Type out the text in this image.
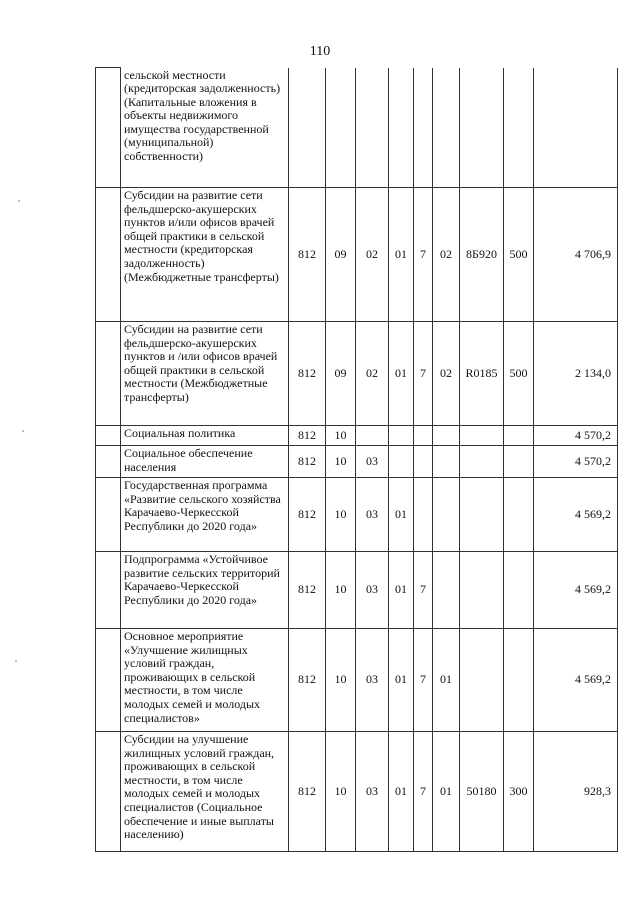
110
	сельской местности (кредиторская задолженность) (Капитальные вложения в объекты недвижимого имущества государственной (муниципальной) собственности)									
	Субсидии на развитие сети фельдшерско-акушерских пунктов и/или офисов врачей общей практики в сельской местности (кредиторская задолженность) (Межбюджетные трансферты)	812	09	02	01	7	02	8Б920	500	4 706,9
	Субсидии на развитие сети фельдшерско-акушерских пунктов и /или офисов врачей общей практики в сельской местности (Межбюджетные трансферты)	812	09	02	01	7	02	R0185	500	2 134,0
	Социальная политика	812	10							4 570,2
	Социальное обеспечение населения	812	10	03						4 570,2
	Государственная программа «Развитие сельского хозяйства Карачаево-Черкесской Республики до 2020 года»	812	10	03	01					4 569,2
	Подпрограмма «Устойчивое развитие сельских территорий Карачаево-Черкесской Республики до 2020 года»	812	10	03	01	7				4 569,2
	Основное мероприятие «Улучшение жилищных условий граждан, проживающих в сельской местности, в том числе молодых семей и молодых специалистов»	812	10	03	01	7	01			4 569,2
	Субсидии на улучшение жилищных условий граждан, проживающих в сельской местности, в том числе молодых семей и молодых специалистов (Социальное обеспечение и иные выплаты населению)	812	10	03	01	7	01	50180	300	928,3
